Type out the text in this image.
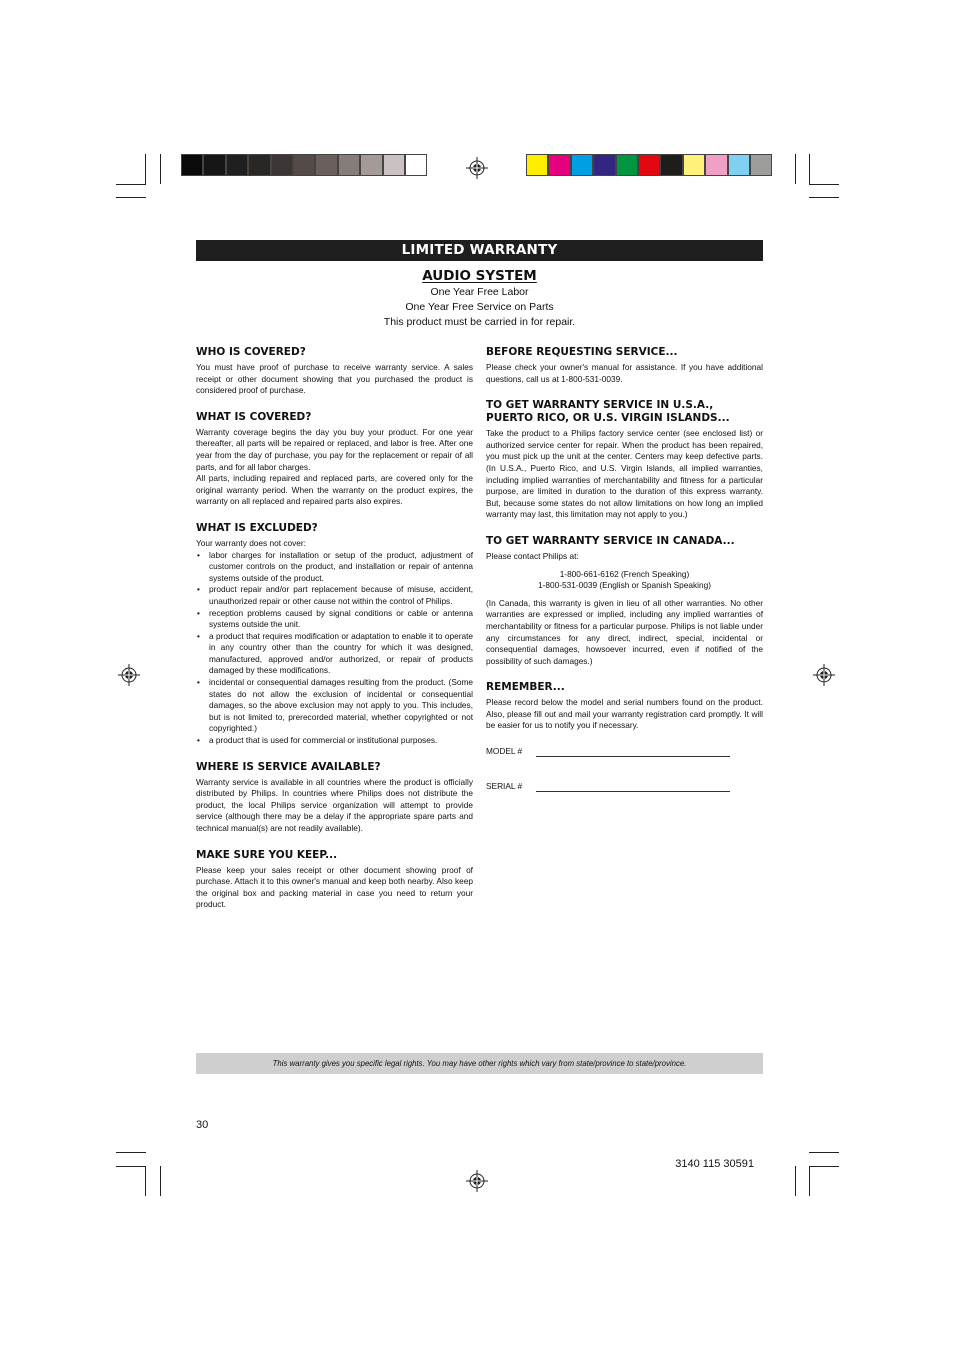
LIMITED WARRANTY
AUDIO SYSTEM
One Year Free Labor
One Year Free Service on Parts
This product must be carried in for repair.
WHO IS COVERED?

You must have proof of purchase to receive warranty service. A sales receipt or other document showing that you purchased the product is considered proof of purchase.

WHAT IS COVERED?

Warranty coverage begins the day you buy your product. For one year thereafter, all parts will be repaired or replaced, and labor is free. After one year from the day of purchase, you pay for the replacement or repair of all parts, and for all labor charges.

All parts, including repaired and replaced parts, are covered only for the original warranty period. When the warranty on the product expires, the warranty on all replaced and repaired parts also expires.

WHAT IS EXCLUDED?

Your warranty does not cover:

• labor charges for installation or setup of the product, adjustment of customer controls on the product, and installation or repair of antenna systems outside of the product.
• product repair and/or part replacement because of misuse, accident, unauthorized repair or other cause not within the control of Philips.
• reception problems caused by signal conditions or cable or antenna systems outside the unit.
• a product that requires modification or adaptation to enable it to operate in any country other than the country for which it was designed, manufactured, approved and/or authorized, or repair of products damaged by these modifications.
• incidental or consequential damages resulting from the product. (Some states do not allow the exclusion of incidental or consequential damages, so the above exclusion may not apply to you. This includes, but is not limited to, prerecorded material, whether copyrighted or not copyrighted.)
• a product that is used for commercial or institutional purposes.
WHERE IS SERVICE AVAILABLE?

Warranty service is available in all countries where the product is officially distributed by Philips. In countries where Philips does not distribute the product, the local Philips service organization will attempt to provide service (although there may be a delay if the appropriate spare parts and technical manual(s) are not readily available).

MAKE SURE YOU KEEP...

Please keep your sales receipt or other document showing proof of purchase. Attach it to this owner's manual and keep both nearby. Also keep the original box and packing material in case you need to return your product.

BEFORE REQUESTING SERVICE...

Please check your owner's manual for assistance. If you have additional questions, call us at 1-800-531-0039.

TO GET WARRANTY SERVICE IN U.S.A.,
PUERTO RICO, OR U.S. VIRGIN ISLANDS...

Take the product to a Philips factory service center (see enclosed list) or authorized service center for repair. When the product has been repaired, you must pick up the unit at the center. Centers may keep defective parts. (In U.S.A., Puerto Rico, and U.S. Virgin Islands, all implied warranties, including implied warranties of merchantability and fitness for a particular purpose, are limited in duration to the duration of this express warranty. But, because some states do not allow limitations on how long an implied warranty may last, this limitation may not apply to you.)

TO GET WARRANTY SERVICE IN CANADA...

Please contact Philips at:

1-800-661-6162 (French Speaking)
1-800-531-0039 (English or Spanish Speaking)

(In Canada, this warranty is given in lieu of all other warranties. No other warranties are expressed or implied, including any implied warranties of merchantability or fitness for a particular purpose. Philips is not liable under any circumstances for any direct, indirect, special, incidental or consequential damages, howsoever incurred, even if notified of the possibility of such damages.)

REMEMBER...

Please record below the model and serial numbers found on the product. Also, please fill out and mail your warranty registration card promptly. It will be easier for us to notify you if necessary.

MODEL #
SERIAL #
This warranty gives you specific legal rights. You may have other rights which vary from state/province to state/province.
30
3140 115 30591
